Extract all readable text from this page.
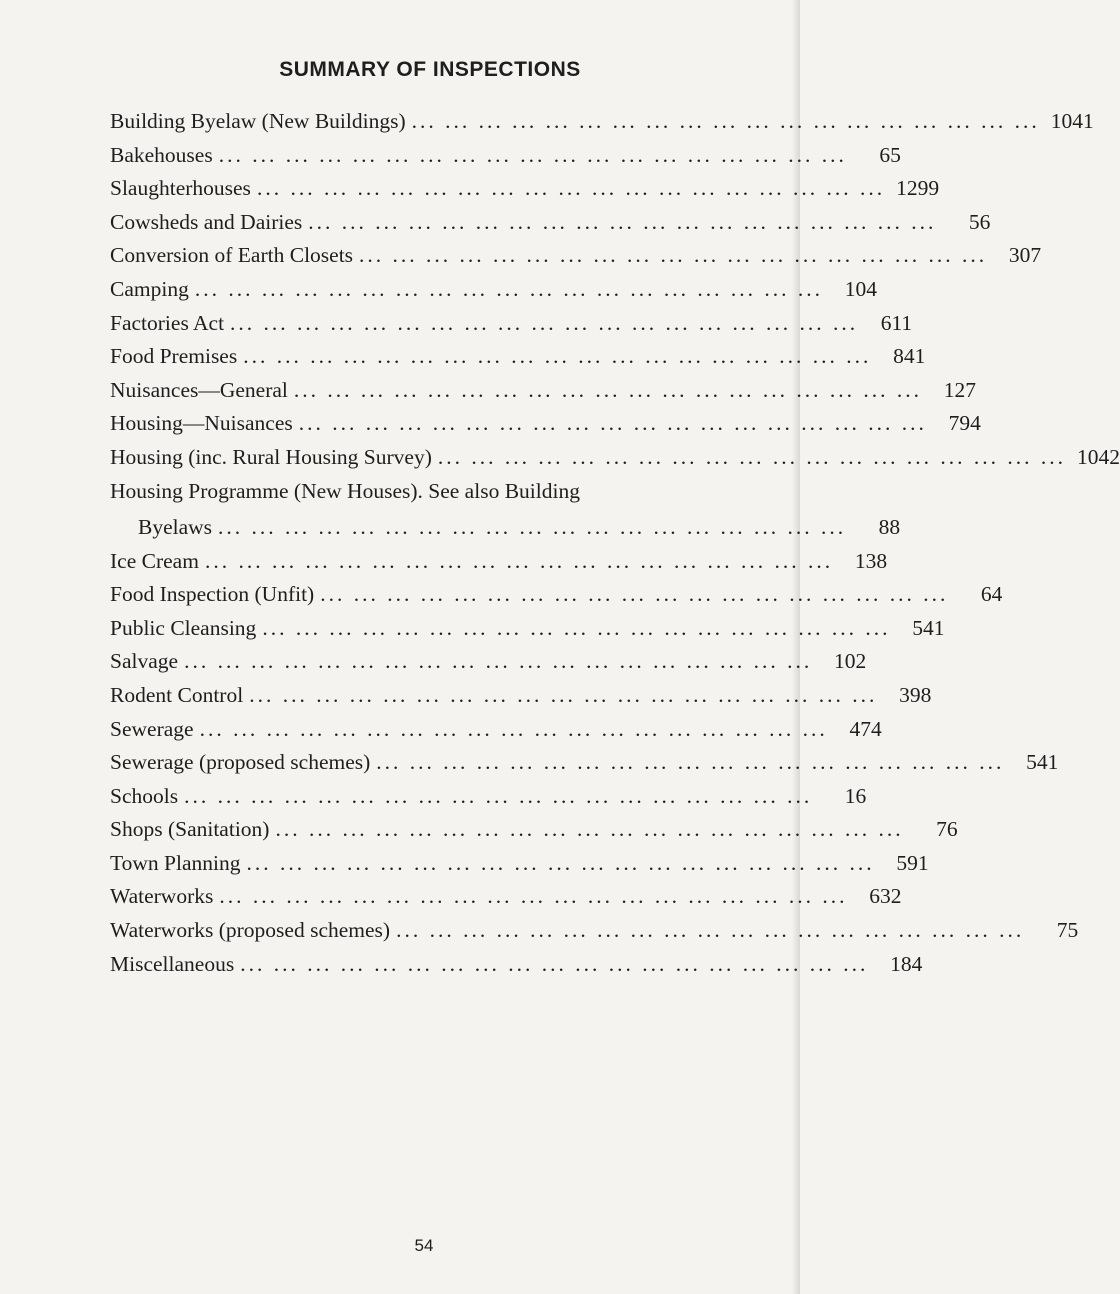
SUMMARY OF INSPECTIONS
Building Byelaw (New Buildings) ... ... ... ... ... ... ... ... ... ... ... ... ... ... ... ... ... ... ... 1041
Bakehouses ... ... ... ... ... ... ... ... ... ... ... ... ... ... ... ... ... ... ...	65
Slaughterhouses ... ... ... ... ... ... ... ... ... ... ... ... ... ... ... ... ... ... ... 1299
Cowsheds and Dairies ... ... ... ... ... ... ... ... ... ... ... ... ... ... ... ... ... ... ...	56
Conversion of Earth Closets ... ... ... ... ... ... ... ... ... ... ... ... ... ... ... ... ... ... ...	307
Camping ... ... ... ... ... ... ... ... ... ... ... ... ... ... ... ... ... ... ...	104
Factories Act ... ... ... ... ... ... ... ... ... ... ... ... ... ... ... ... ... ... ...	611
Food Premises ... ... ... ... ... ... ... ... ... ... ... ... ... ... ... ... ... ... ...	841
Nuisances—General ... ... ... ... ... ... ... ... ... ... ... ... ... ... ... ... ... ... ...	127
Housing—Nuisances ... ... ... ... ... ... ... ... ... ... ... ... ... ... ... ... ... ... ...	794
Housing (inc. Rural Housing Survey) ... ... ... ... ... ... ... ... ... ... ... ... ... ... ... ... ... ... ... 1042
Housing Programme (New Houses). See also Building
Byelaws ... ... ... ... ... ... ... ... ... ... ... ... ... ... ... ... ... ... ...	88
Ice Cream ... ... ... ... ... ... ... ... ... ... ... ... ... ... ... ... ... ... ...	138
Food Inspection (Unfit) ... ... ... ... ... ... ... ... ... ... ... ... ... ... ... ... ... ... ...	64
Public Cleansing ... ... ... ... ... ... ... ... ... ... ... ... ... ... ... ... ... ... ...	541
Salvage ... ... ... ... ... ... ... ... ... ... ... ... ... ... ... ... ... ... ...	102
Rodent Control ... ... ... ... ... ... ... ... ... ... ... ... ... ... ... ... ... ... ...	398
Sewerage ... ... ... ... ... ... ... ... ... ... ... ... ... ... ... ... ... ... ...	474
Sewerage (proposed schemes) ... ... ... ... ... ... ... ... ... ... ... ... ... ... ... ... ... ... ...	541
Schools ... ... ... ... ... ... ... ... ... ... ... ... ... ... ... ... ... ... ...	16
Shops (Sanitation) ... ... ... ... ... ... ... ... ... ... ... ... ... ... ... ... ... ... ...	76
Town Planning ... ... ... ... ... ... ... ... ... ... ... ... ... ... ... ... ... ... ...	591
Waterworks ... ... ... ... ... ... ... ... ... ... ... ... ... ... ... ... ... ... ...	632
Waterworks (proposed schemes) ... ... ... ... ... ... ... ... ... ... ... ... ... ... ... ... ... ... ...	75
Miscellaneous ... ... ... ... ... ... ... ... ... ... ... ... ... ... ... ... ... ... ...	184
54
